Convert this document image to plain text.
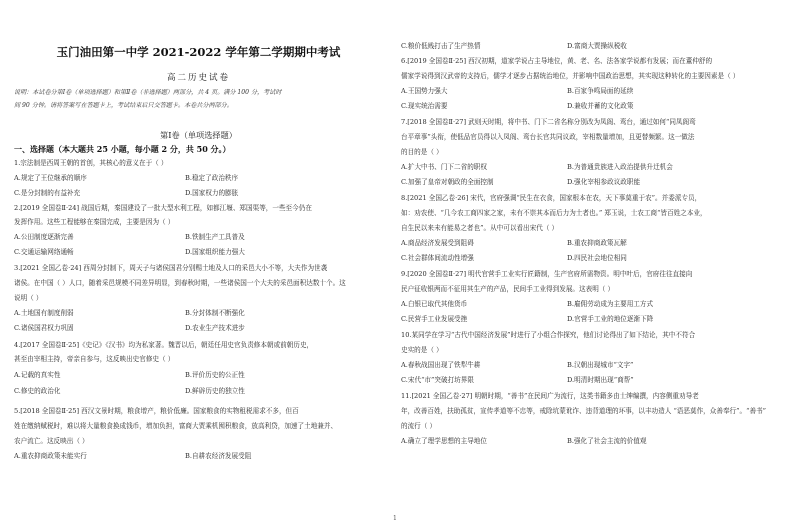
玉门油田第一中学 2021-2022 学年第二学期期中考试
高二历史试卷
说明：本试卷分第Ⅰ卷（单项选择题）和第Ⅱ卷（非选择题）两部分，共 4 页。满分 100 分，考试时
间 90 分钟。请将答案写在答题卡上，考试结束后只交答题卡。本卷共分两部分。
第Ⅰ卷（单项选择题）
一、选择题（本大题共 25 小题，每小题 2 分，共 50 分。）
1.宗法制是西周王朝的首创，其核心的意义在于（ ）
A.规定了王位继承的顺序	B.稳定了政治秩序
C.是分封制的有益补充	D.国家权力的膨胀
2.[2019 全国卷Ⅱ·24] 战国后期，秦国建设了一批大型水利工程，如都江堰、郑国渠等，一些至今仍在
发挥作用。这些工程能够在秦国完成，主要是因为（ ）
A.公田制度逐渐完善	B.铁制生产工具普及
C.交通运输网络通畅	D.国家组织能力强大
3.[2021 全国乙卷·24] 西周分封制下，周天子与诸侯国君分别赐土地及人口的采邑大小不等，大夫作为世袭
诸侯。在中国（ ）人口，随着采邑规模不同差异明显，到春秋时期，一些诸侯国一个大夫的采邑面积达数十个。这
说明（ ）
A.土地国有制度削弱	B.分封体制不断强化
C.诸侯国君权力巩固	D.农业生产技术进步
4.[2017 全国卷Ⅱ·25]《史记》《汉书》均为私家著。魏晋以后，朝廷任用史官负责修本朝或前朝历史，
甚至由宰相主持，帝亲自参与，这反映出史官修史（ ）
A.记载的真实性	B.评价历史的公正性
C.修史的政治化	D.鲜辟历史的独立性
5.[2018 全国卷Ⅱ·25] 西汉文景时期，粮食增产，粮价低廉。国家粮食的实物租税需求不多，但百
姓在缴纳赋税时，难以将大量粮食换成钱币，增加负担，富商大贾乘机囤积粮食，放高利贷，加速了土地兼并、
农户流亡。这反映出（ ）
A.重农抑商政策未能实行	B.自耕农经济发展受阻
C.粮价低贱打击了生产热情	D.富商大贾操纵税收
6.[2019 全国卷Ⅱ·25] 西汉初期，道家学说占主导地位，黄、老、名、法各家学说都有发展；而在董仲舒的
儒家学说得到汉武帝的支持后，儒学才逐步占据统治地位，并影响中国政治思想，其实现这种转化的主要因素是（ ）
A.王国势力强大	B.百家争鸣局面的延续
C.现实统治需要	D.兼收并蓄的文化政策
7.[2018 全国卷Ⅱ·27] 武则天时期，将中书、门下二省名称分别改为凤阁、鸾台，通过如何“同凤阁鸾
台平章事”头衔，使低品官员得以入凤阁、鸾台长官共同议政，宰相数量增加，且更替频繁。这一做法
的目的是（ ）
A.扩大中书、门下二省的职权	B.为普通贵族进入政治提供升迁机会
C.加强了皇帝对朝政的全面控制	D.强化宰相参政议政职能
8.[2021 全国乙卷·26] 宋代，官府强调“民生在衣食，国家根本在农，天下事莫重于农”。并委派专员，
如：劝农使、“几今农工商四家之家，未有不崇其本而后力为土者也。” 郑玉说，士农工商“皆百姓之本业，
自生民以来未有能易之者也”。从中可以看出宋代（ ）
A.商品经济发展受到阻碍	B.重农抑商政策瓦解
C.社会群体间流动性增强	D.四民社会地位相同
9.[2020 全国卷Ⅱ·27] 明代官营手工业实行匠籍制，生产官府所需物资。明中叶后，官府往往直接向
民户征收银两而不征用其生产的产品，民间手工业得到发展。这表明（ ）
A.白银已取代其他货币	B.雇佣劳动成为主要用工方式
C.民营手工业发展受挫	D.官营手工业的地位逐渐下降
10.某同学在学习“古代中国经济发展”时进行了小组合作探究，他们讨论得出了如下结论，其中不符合
史实的是（ ）
A.春秋战国出现了铁犁牛耕	B.汉朝出现城市“文字”
C.宋代“市”突破打坊界限	D.明清时期出现“商帮”
11.[2021 全国乙卷·27] 明朝时期，“善书”在民间广为流行，这类书籍多由士绅编撰，内容侧重劝导老
年，改善百姓，扶助孤贫，宣传孝道等不忠等，戒除坑蒙讹诈、违背道理的坏事，以丰功造人 “语恶莫作，众善奉行”。“善书”
的流行（ ）
A.确立了理学思想的主导地位	B.强化了社会主流的价值观
1
